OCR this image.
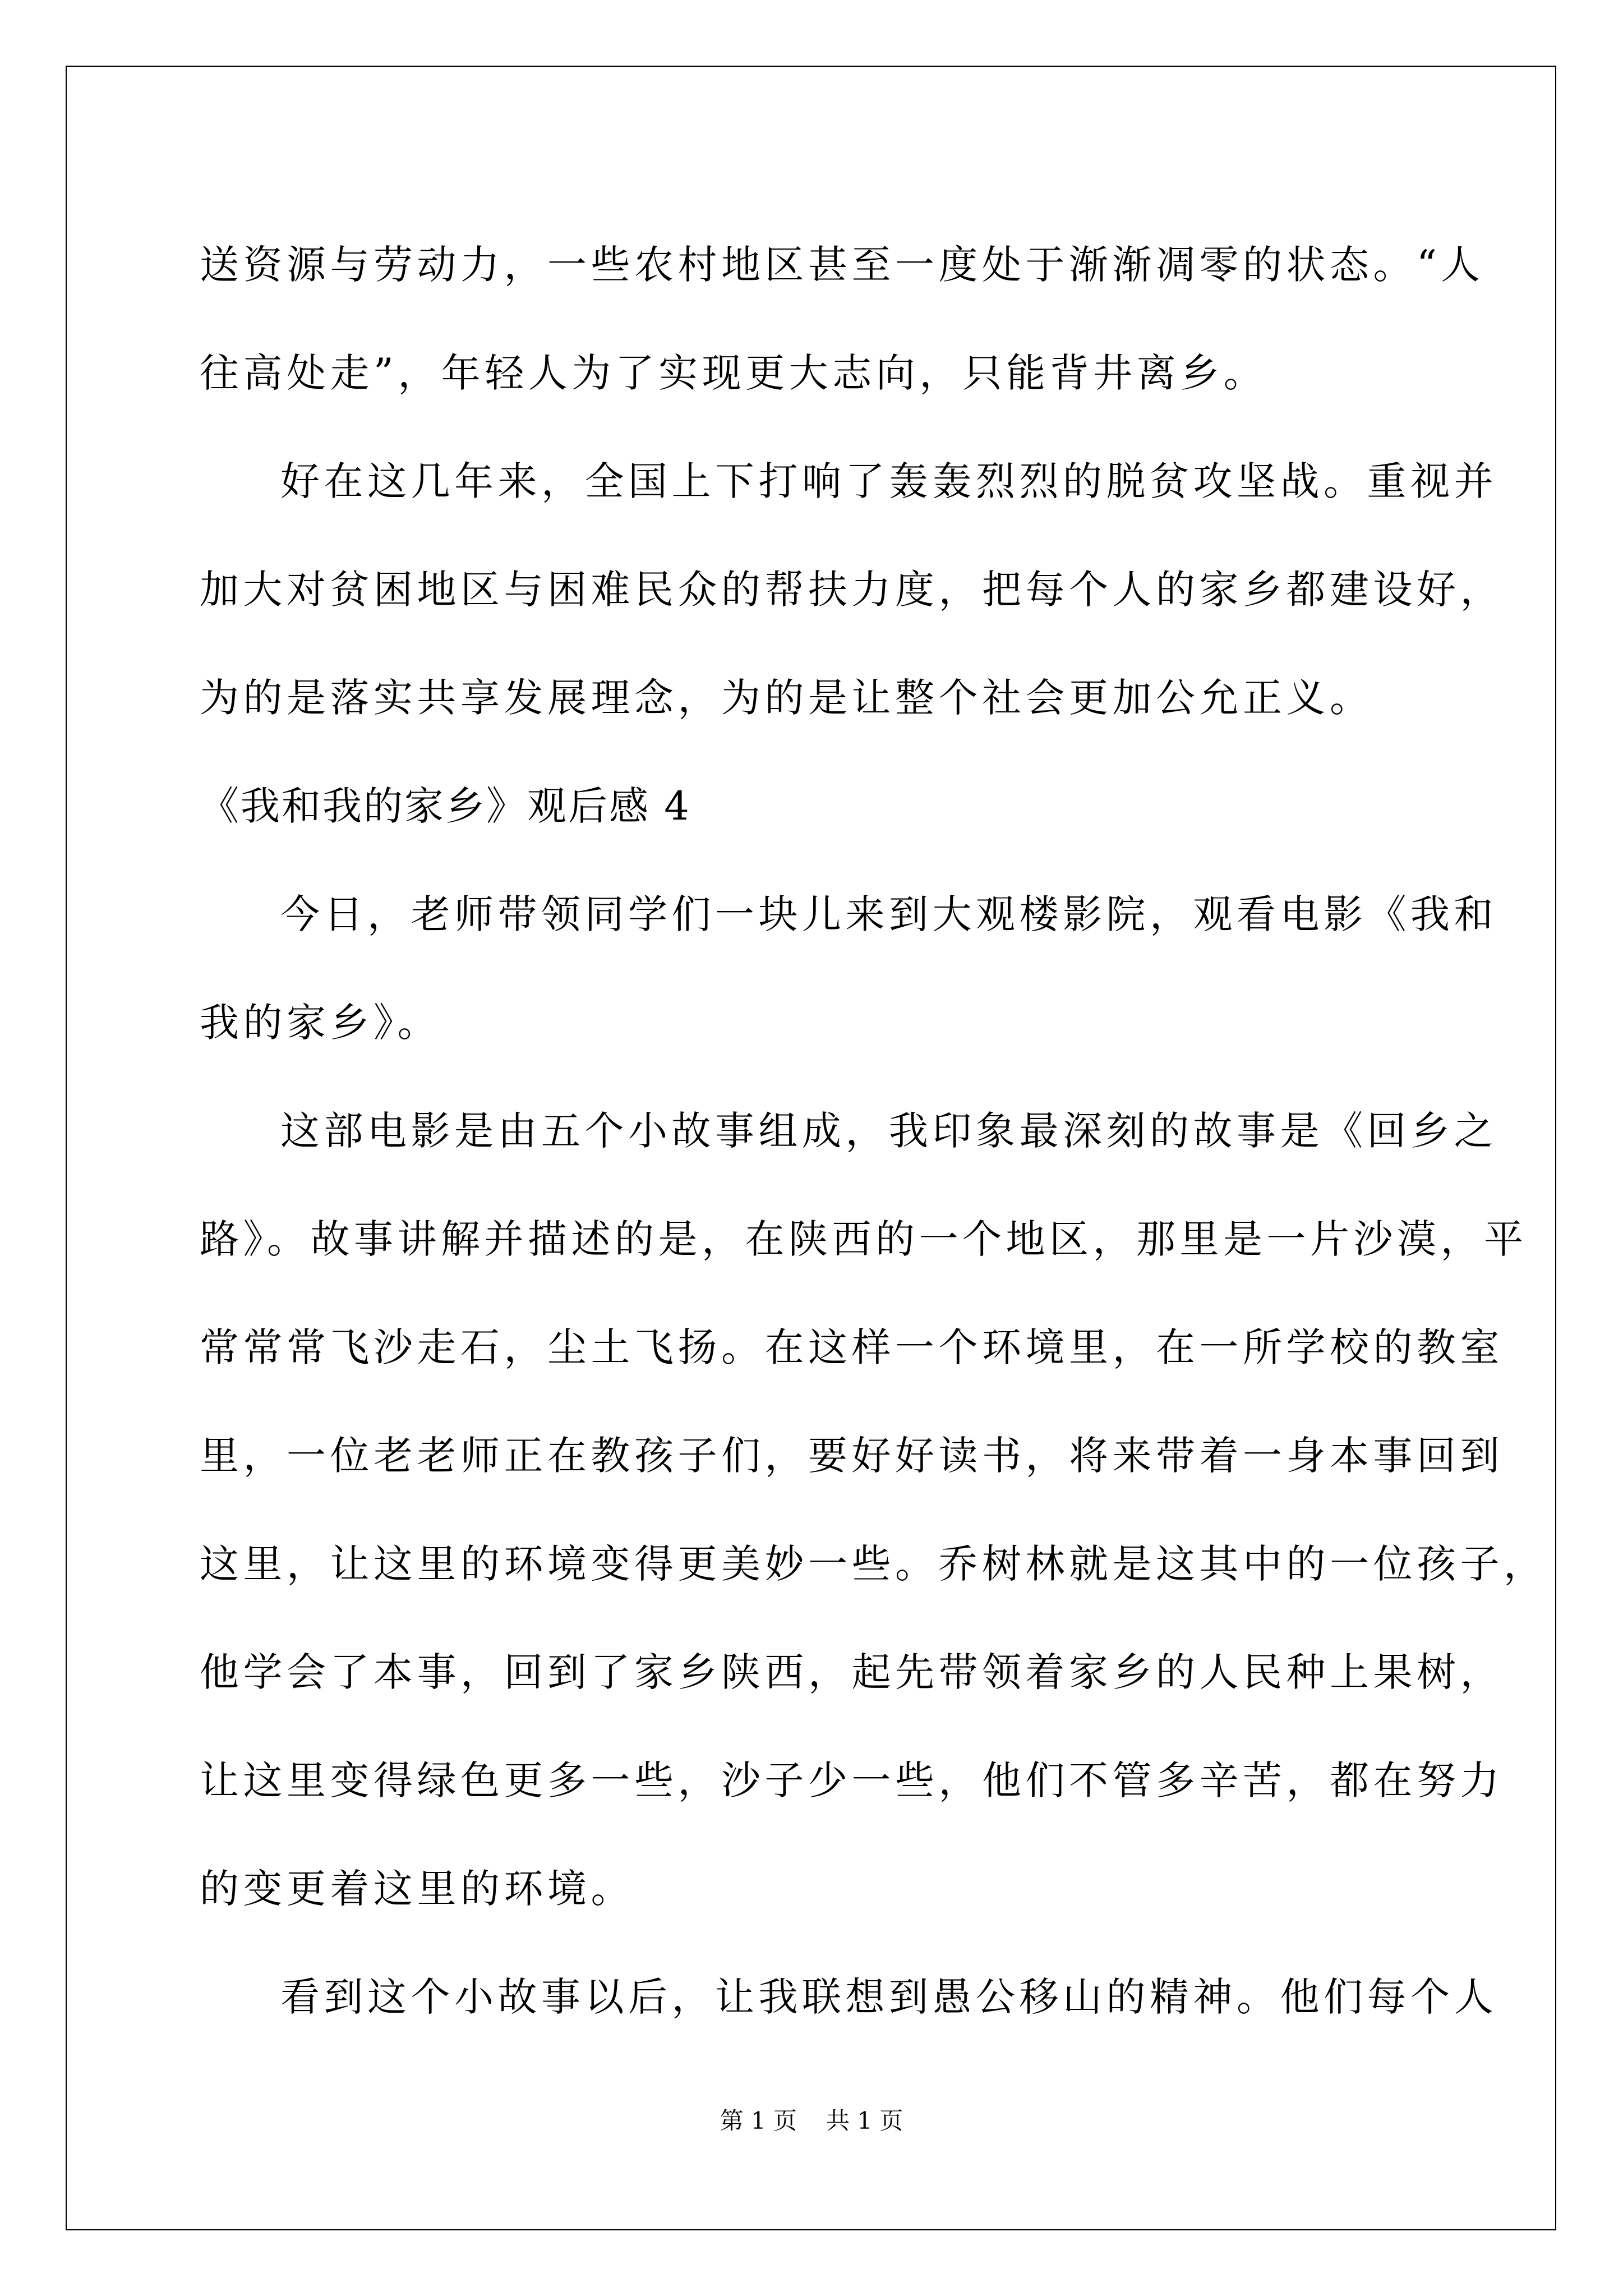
送资源与劳动力，一些农村地区甚至一度处于渐渐凋零的状态。“人
往高处走”，年轻人为了实现更大志向，只能背井离乡。
好在这几年来，全国上下打响了轰轰烈烈的脱贫攻坚战。重视并
加大对贫困地区与困难民众的帮扶力度，把每个人的家乡都建设好，
为的是落实共享发展理念，为的是让整个社会更加公允正义。
《我和我的家乡》观后感 4
今日，老师带领同学们一块儿来到大观楼影院，观看电影《我和
我的家乡》。
这部电影是由五个小故事组成，我印象最深刻的故事是《回乡之
路》。故事讲解并描述的是，在陕西的一个地区，那里是一片沙漠，平
常常常飞沙走石，尘土飞扬。在这样一个环境里，在一所学校的教室
里，一位老老师正在教孩子们，要好好读书，将来带着一身本事回到
这里，让这里的环境变得更美妙一些。乔树林就是这其中的一位孩子，
他学会了本事，回到了家乡陕西，起先带领着家乡的人民种上果树，
让这里变得绿色更多一些，沙子少一些，他们不管多辛苦，都在努力
的变更着这里的环境。
看到这个小故事以后，让我联想到愚公移山的精神。他们每个人
第 1 页 共 1 页
